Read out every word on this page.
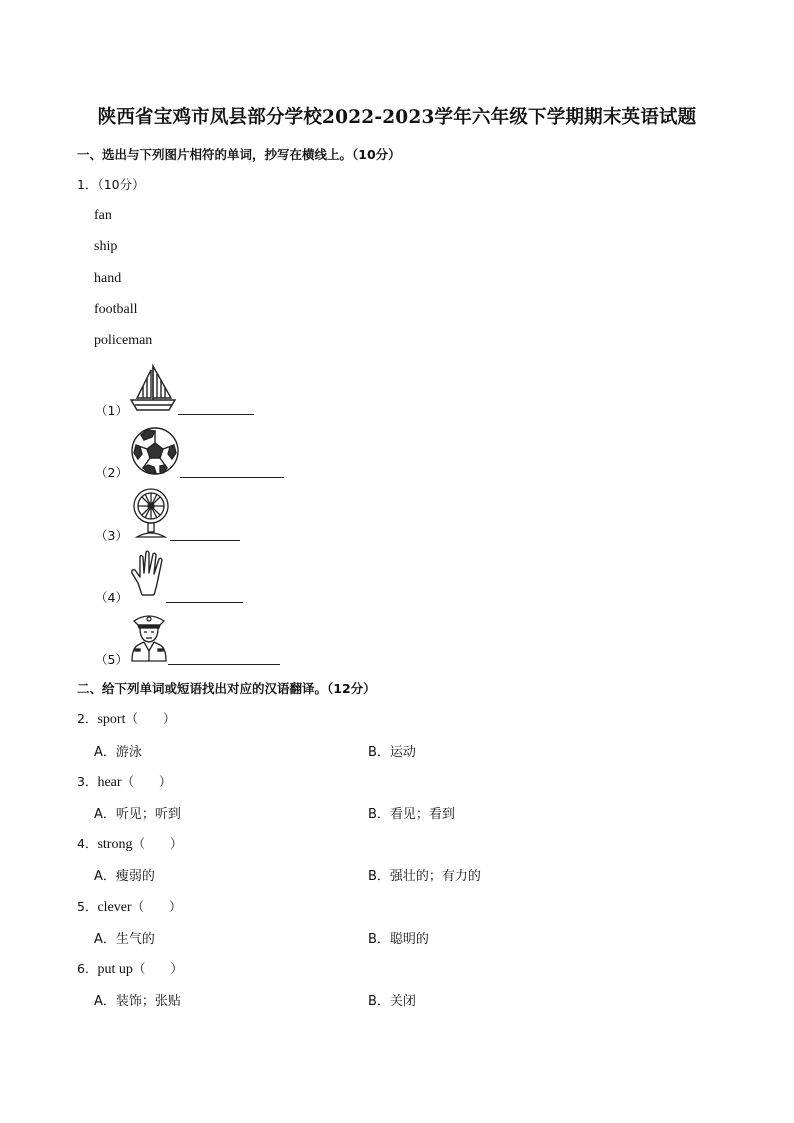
陕西省宝鸡市凤县部分学校2022-2023学年六年级下学期期末英语试题
一、选出与下列图片相符的单词，抄写在横线上。（10分）
1．（10分）
fan
ship
hand
football
policeman
（1）
（2）
（3）
（4）
（5）
二、给下列单词或短语找出对应的汉语翻译。（12分）
2．sport（　　）
A．游泳	B．运动
3．hear（　　）
A．听见；听到	B．看见；看到
4．strong（　　）
A．瘦弱的	B．强壮的；有力的
5．clever（　　）
A．生气的	B．聪明的
6．put up（　　）
A．装饰；张贴	B．关闭
